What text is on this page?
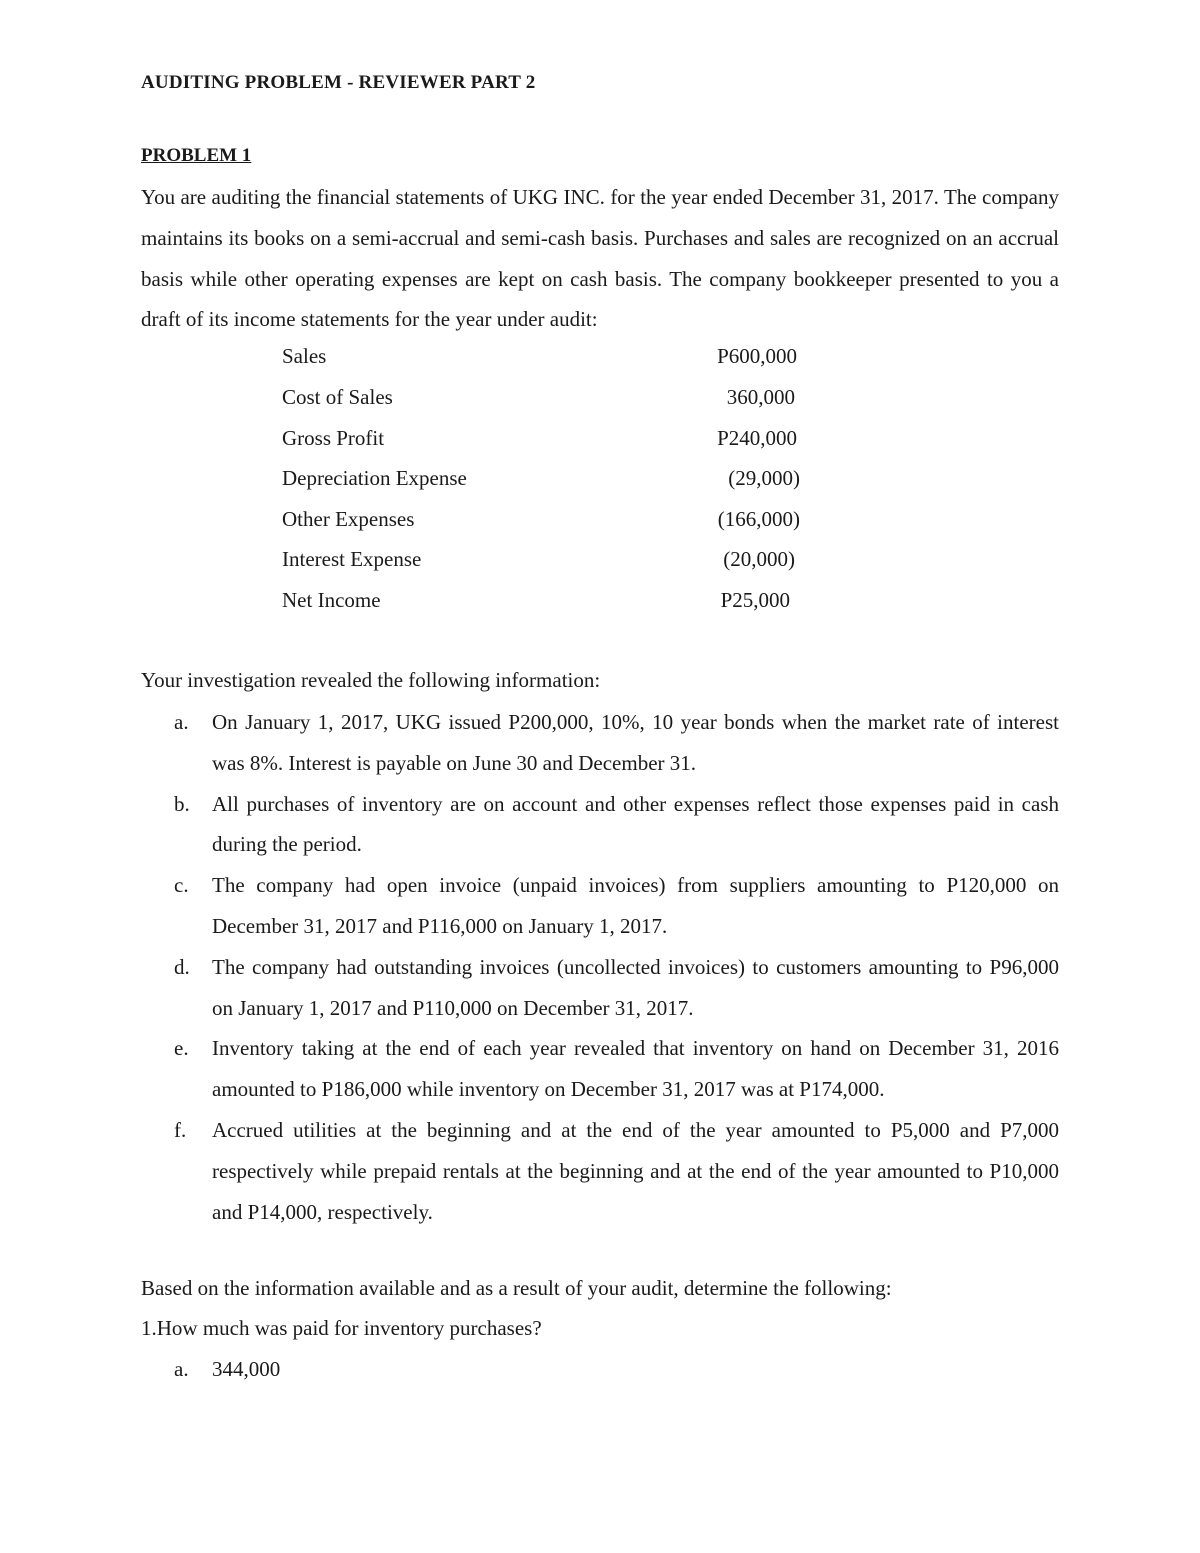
AUDITING PROBLEM - REVIEWER PART 2
PROBLEM 1
You are auditing the financial statements of UKG INC. for the year ended December 31, 2017. The company maintains its books on a semi-accrual and semi-cash basis. Purchases and sales are recognized on an accrual basis while other operating expenses are kept on cash basis. The company bookkeeper presented to you a draft of its income statements for the year under audit:
Sales	P600,000
Cost of Sales	360,000
Gross Profit	P240,000
Depreciation Expense	(29,000)
Other Expenses	(166,000)
Interest Expense	(20,000)
Net Income	P25,000
Your investigation revealed the following information:
a. On January 1, 2017, UKG issued P200,000, 10%, 10 year bonds when the market rate of interest was 8%. Interest is payable on June 30 and December 31.
b. All purchases of inventory are on account and other expenses reflect those expenses paid in cash during the period.
c. The company had open invoice (unpaid invoices) from suppliers amounting to P120,000 on December 31, 2017 and P116,000 on January 1, 2017.
d. The company had outstanding invoices (uncollected invoices) to customers amounting to P96,000 on January 1, 2017 and P110,000 on December 31, 2017.
e. Inventory taking at the end of each year revealed that inventory on hand on December 31, 2016 amounted to P186,000 while inventory on December 31, 2017 was at P174,000.
f. Accrued utilities at the beginning and at the end of the year amounted to P5,000 and P7,000 respectively while prepaid rentals at the beginning and at the end of the year amounted to P10,000 and P14,000, respectively.
Based on the information available and as a result of your audit, determine the following:
1.How much was paid for inventory purchases?
a. 344,000
